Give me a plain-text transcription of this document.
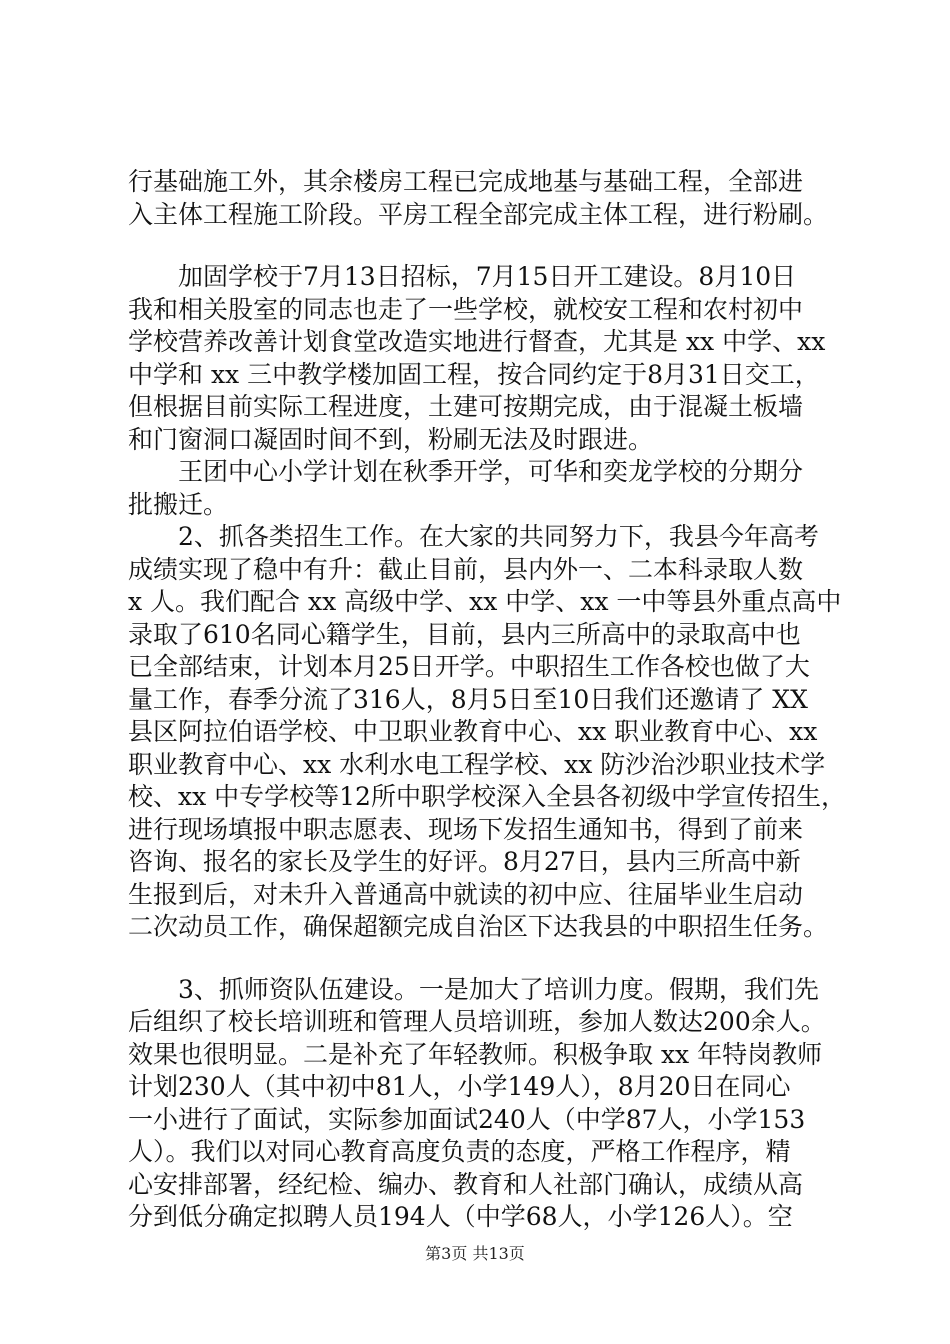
行基础施工外，其余楼房工程已完成地基与基础工程，全部进
入主体工程施工阶段。平房工程全部完成主体工程，进行粉刷。
加固学校于7月13日招标，7月15日开工建设。8月10日
我和相关股室的同志也走了一些学校，就校安工程和农村初中
学校营养改善计划食堂改造实地进行督查，尤其是 xx 中学、xx
中学和 xx 三中教学楼加固工程，按合同约定于8月31日交工，
但根据目前实际工程进度，土建可按期完成，由于混凝土板墙
和门窗洞口凝固时间不到，粉刷无法及时跟进。
王团中心小学计划在秋季开学，可华和奕龙学校的分期分
批搬迁。
2、抓各类招生工作。在大家的共同努力下，我县今年高考
成绩实现了稳中有升：截止目前，县内外一、二本科录取人数
x 人。我们配合 xx 高级中学、xx 中学、xx 一中等县外重点高中
录取了610名同心籍学生，目前，县内三所高中的录取高中也
已全部结束，计划本月25日开学。中职招生工作各校也做了大
量工作，春季分流了316人，8月5日至10日我们还邀请了 XX
县区阿拉伯语学校、中卫职业教育中心、xx 职业教育中心、xx
职业教育中心、xx 水利水电工程学校、xx 防沙治沙职业技术学
校、xx 中专学校等12所中职学校深入全县各初级中学宣传招生，
进行现场填报中职志愿表、现场下发招生通知书，得到了前来
咨询、报名的家长及学生的好评。8月27日，县内三所高中新
生报到后，对未升入普通高中就读的初中应、往届毕业生启动
二次动员工作，确保超额完成自治区下达我县的中职招生任务。
3、抓师资队伍建设。一是加大了培训力度。假期，我们先
后组织了校长培训班和管理人员培训班，参加人数达200余人。
效果也很明显。二是补充了年轻教师。积极争取 xx 年特岗教师
计划230人（其中初中81人，小学149人），8月20日在同心
一小进行了面试，实际参加面试240人（中学87人，小学153
人）。我们以对同心教育高度负责的态度，严格工作程序，精
心安排部署，经纪检、编办、教育和人社部门确认，成绩从高
分到低分确定拟聘人员194人（中学68人，小学126人）。空
第3页 共13页
